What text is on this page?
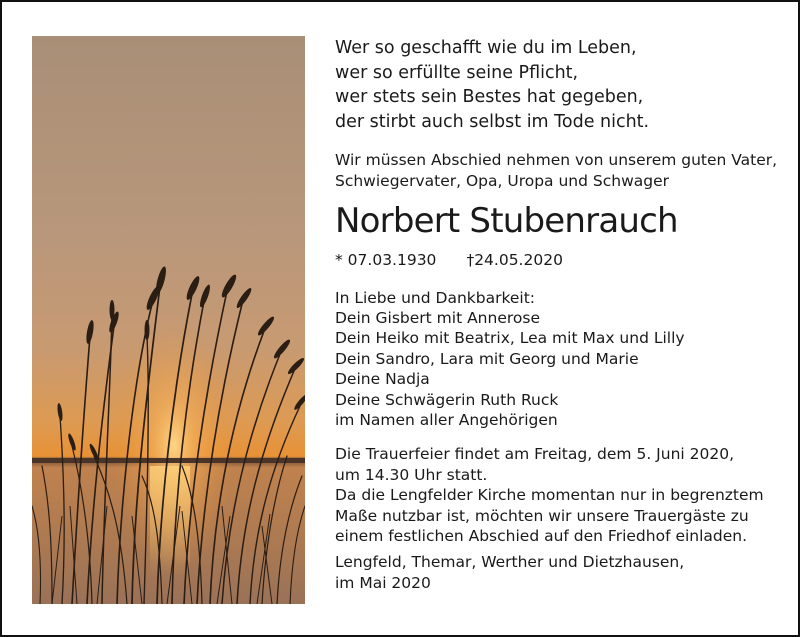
Wer so geschafft wie du im Leben,
wer so erfüllte seine Pflicht,
wer stets sein Bestes hat gegeben,
der stirbt auch selbst im Tode nicht.
Wir müssen Abschied nehmen von unserem guten Vater,
Schwiegervater, Opa, Uropa und Schwager
Norbert Stubenrauch
* 07.03.1930 †24.05.2020
In Liebe und Dankbarkeit:
Dein Gisbert mit Annerose
Dein Heiko mit Beatrix, Lea mit Max und Lilly
Dein Sandro, Lara mit Georg und Marie
Deine Nadja
Deine Schwägerin Ruth Ruck
im Namen aller Angehörigen
Die Trauerfeier findet am Freitag, dem 5. Juni 2020,
um 14.30 Uhr statt.
Da die Lengfelder Kirche momentan nur in begrenztem
Maße nutzbar ist, möchten wir unsere Trauergäste zu
einem festlichen Abschied auf den Friedhof einladen.
Lengfeld, Themar, Werther und Dietzhausen,
im Mai 2020
